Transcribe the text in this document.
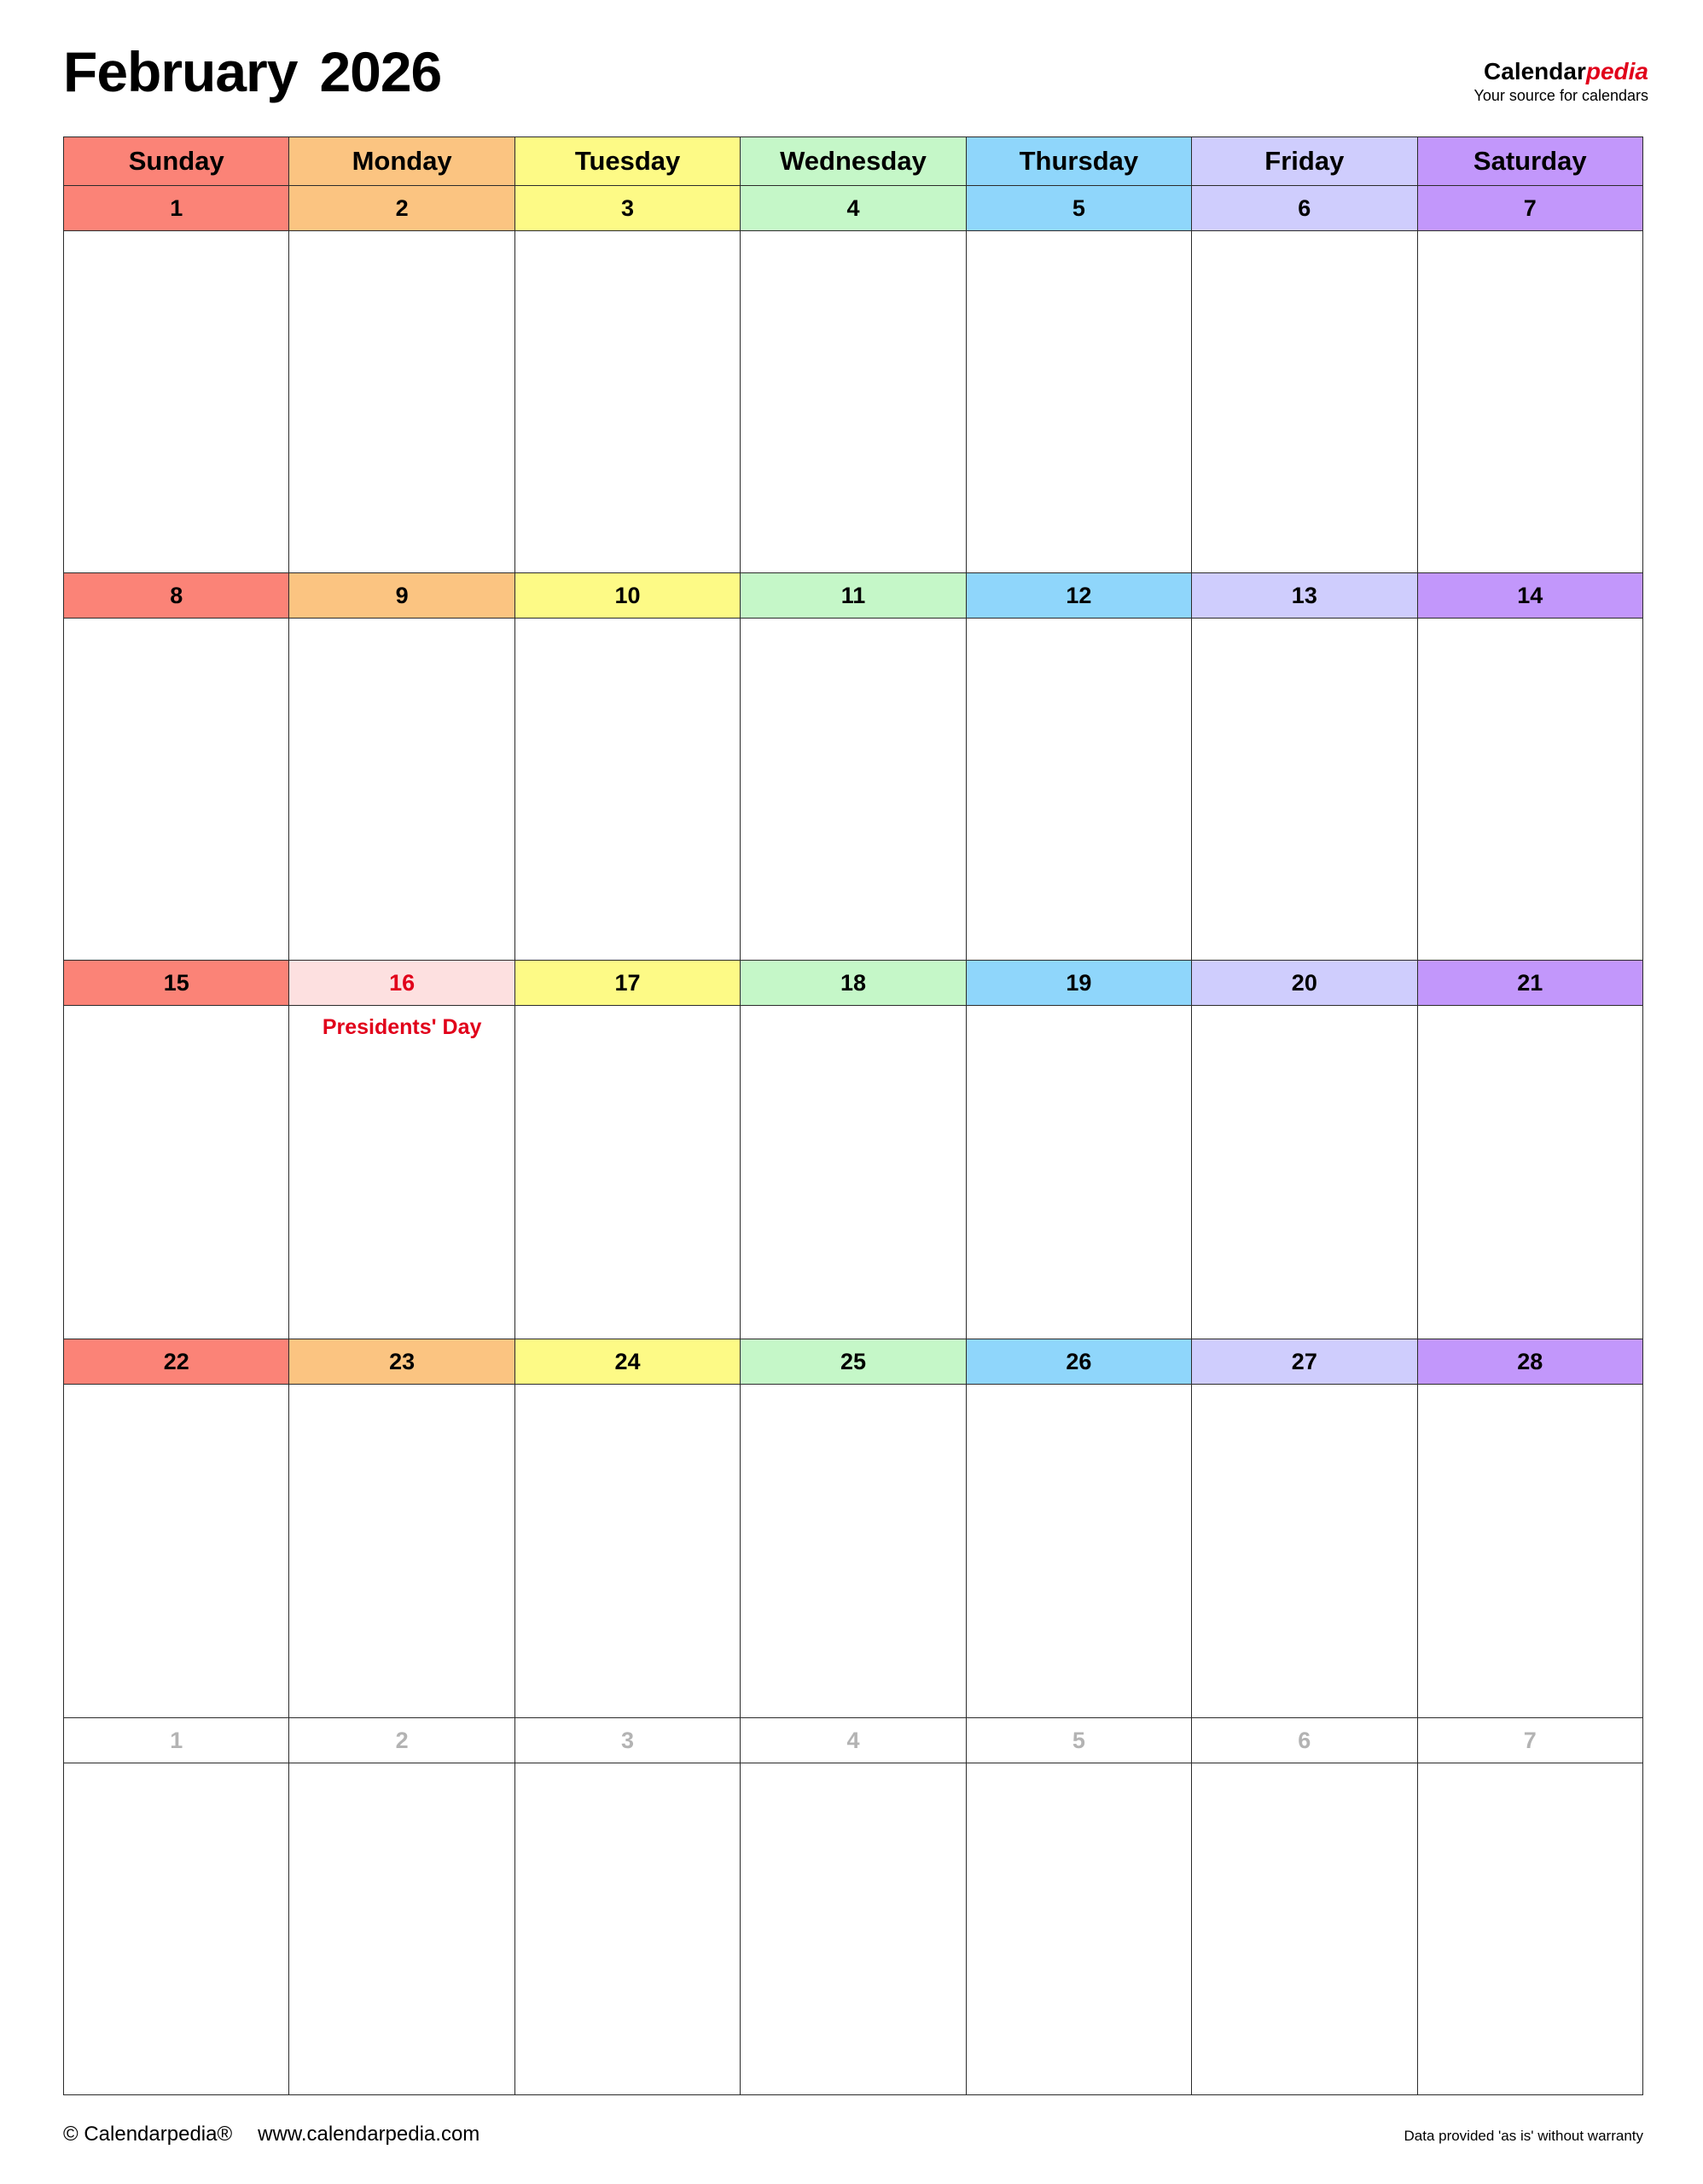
February 2026	Calendarpedia
Your source for calendars
Sunday	Monday	Tuesday	Wednesday	Thursday	Friday	Saturday
1	2	3	4	5	6	7

8	9	10	11	12	13	14

15	16	17	18	19	20	21

	Presidents' Day					

22	23	24	25	26	27	28

1	2	3	4	5	6	7

© Calendarpedia® www.calendarpedia.com	Data provided 'as is' without warranty
